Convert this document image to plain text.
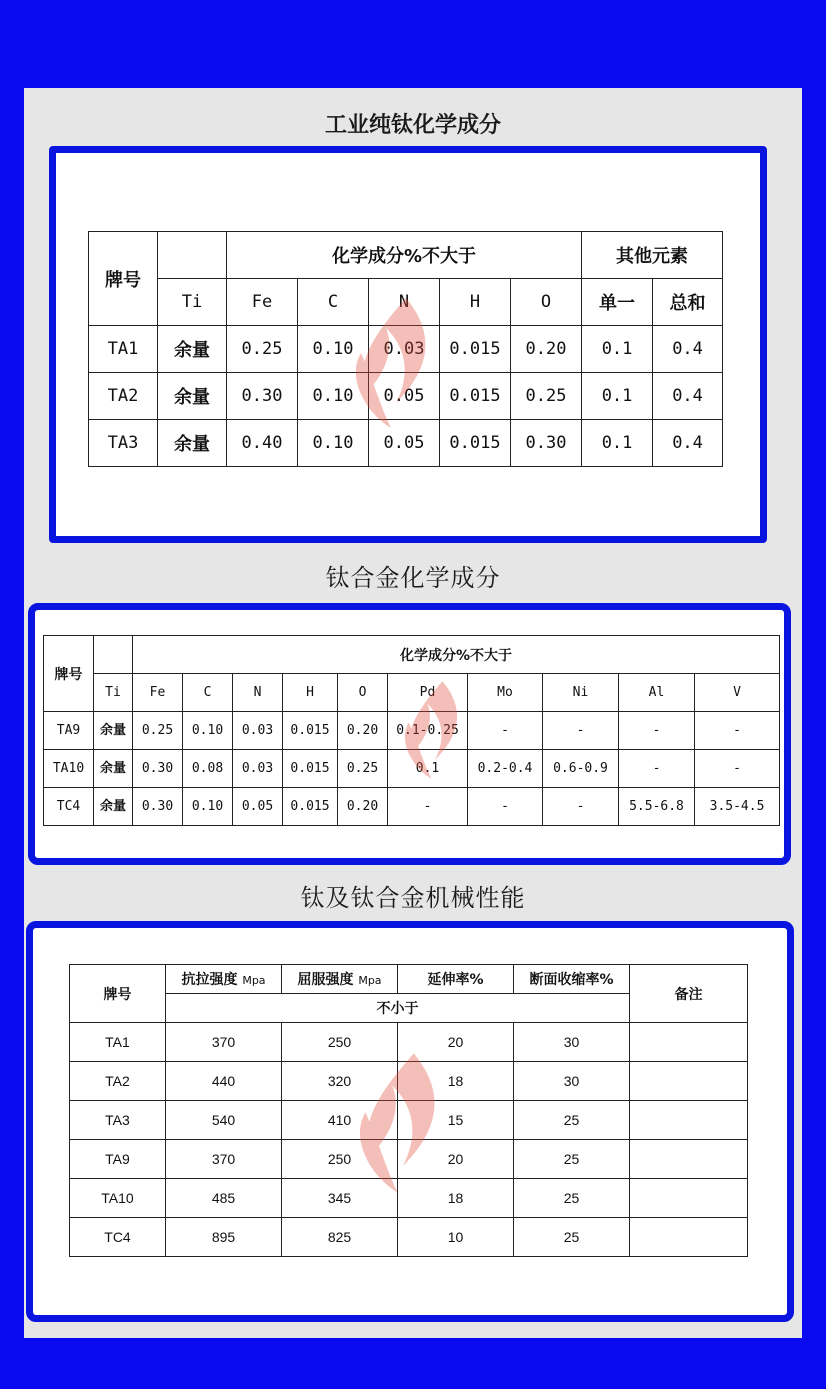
工业纯钛化学成分
牌号		化学成分%不大于					其他元素	
	Ti	Fe	C	N	H	O	单一	总和
TA1	余量	0.25	0.10	0.03	0.015	0.20	0.1	0.4
TA2	余量	0.30	0.10	0.05	0.015	0.25	0.1	0.4
TA3	余量	0.40	0.10	0.05	0.015	0.30	0.1	0.4
钛合金化学成分
牌号		化学成分%不大于									
	Ti	Fe	C	N	H	O	Pd	Mo	Ni	Al	V
TA9	余量	0.25	0.10	0.03	0.015	0.20	0.1-0.25	-	-	-	-
TA10	余量	0.30	0.08	0.03	0.015	0.25	0.1	0.2-0.4	0.6-0.9	-	-
TC4	余量	0.30	0.10	0.05	0.015	0.20	-	-	-	5.5-6.8	3.5-4.5
钛及钛合金机械性能
牌号	抗拉强度 Mpa	屈服强度 Mpa	延伸率%	断面收缩率%	备注
	不小于				
TA1	370	250	20	30	
TA2	440	320	18	30	
TA3	540	410	15	25	
TA9	370	250	20	25	
TA10	485	345	18	25	
TC4	895	825	10	25	
